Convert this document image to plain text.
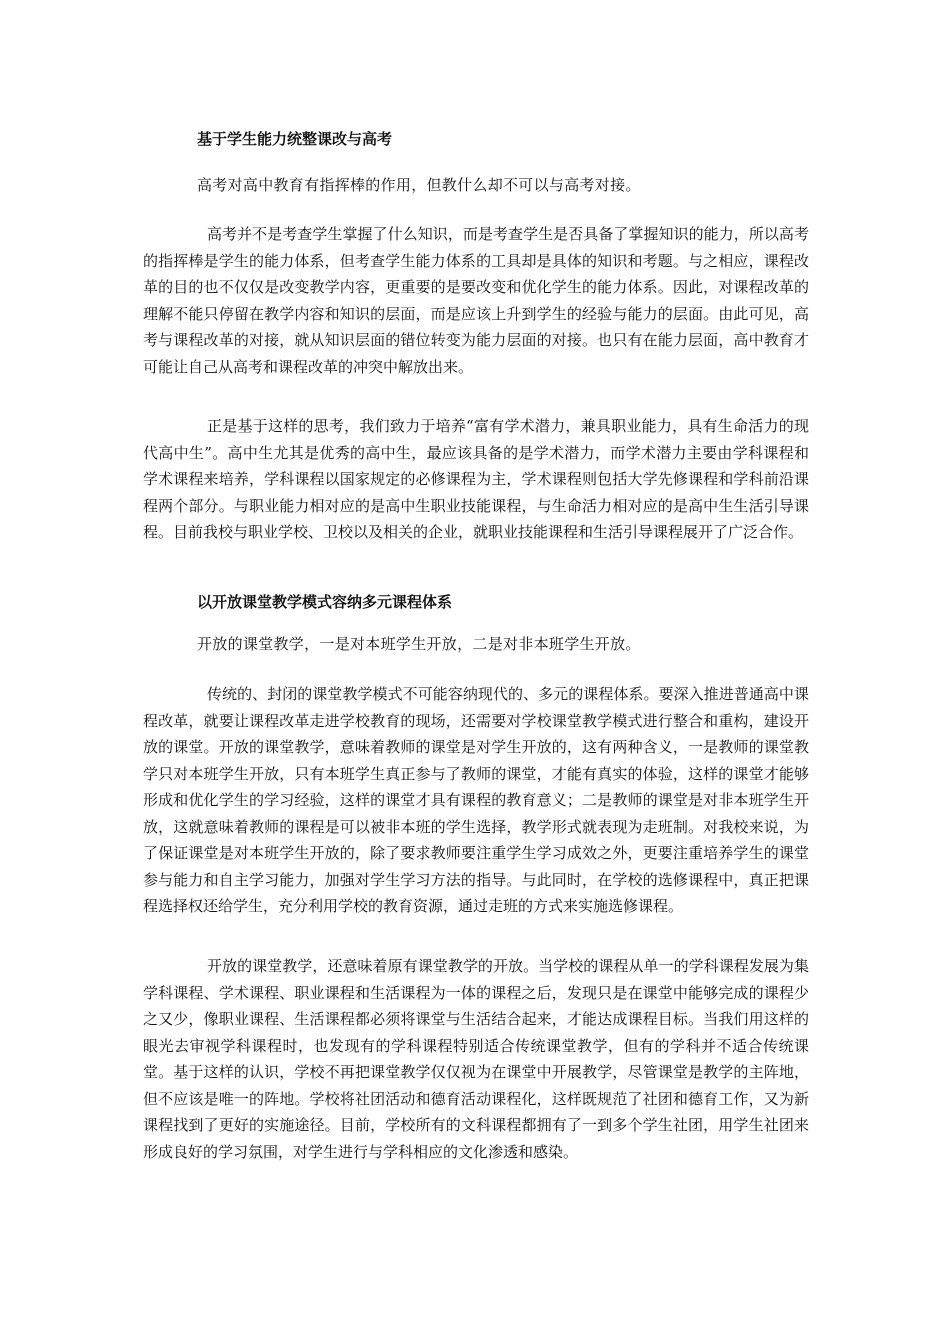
基于学生能力统整课改与高考
高考对高中教育有指挥棒的作用，但教什么却不可以与高考对接。

高考并不是考查学生掌握了什么知识，而是考查学生是否具备了掌握知识的能力，所以高考的指挥棒是学生的能力体系，但考查学生能力体系的工具却是具体的知识和考题。与之相应，课程改革的目的也不仅仅是改变教学内容，更重要的是要改变和优化学生的能力体系。因此，对课程改革的理解不能只停留在教学内容和知识的层面，而是应该上升到学生的经验与能力的层面。由此可见，高考与课程改革的对接，就从知识层面的错位转变为能力层面的对接。也只有在能力层面，高中教育才可能让自己从高考和课程改革的冲突中解放出来。

正是基于这样的思考，我们致力于培养“富有学术潜力，兼具职业能力，具有生命活力的现代高中生”。高中生尤其是优秀的高中生，最应该具备的是学术潜力，而学术潜力主要由学科课程和学术课程来培养，学科课程以国家规定的必修课程为主，学术课程则包括大学先修课程和学科前沿课程两个部分。与职业能力相对应的是高中生职业技能课程，与生命活力相对应的是高中生生活引导课程。目前我校与职业学校、卫校以及相关的企业，就职业技能课程和生活引导课程展开了广泛合作。

以开放课堂教学模式容纳多元课程体系
开放的课堂教学，一是对本班学生开放，二是对非本班学生开放。

传统的、封闭的课堂教学模式不可能容纳现代的、多元的课程体系。要深入推进普通高中课程改革，就要让课程改革走进学校教育的现场，还需要对学校课堂教学模式进行整合和重构，建设开放的课堂。开放的课堂教学，意味着教师的课堂是对学生开放的，这有两种含义，一是教师的课堂教学只对本班学生开放，只有本班学生真正参与了教师的课堂，才能有真实的体验，这样的课堂才能够形成和优化学生的学习经验，这样的课堂才具有课程的教育意义；二是教师的课堂是对非本班学生开放，这就意味着教师的课程是可以被非本班的学生选择，教学形式就表现为走班制。对我校来说，为了保证课堂是对本班学生开放的，除了要求教师要注重学生学习成效之外，更要注重培养学生的课堂参与能力和自主学习能力，加强对学生学习方法的指导。与此同时，在学校的选修课程中，真正把课程选择权还给学生，充分利用学校的教育资源，通过走班的方式来实施选修课程。

开放的课堂教学，还意味着原有课堂教学的开放。当学校的课程从单一的学科课程发展为集学科课程、学术课程、职业课程和生活课程为一体的课程之后，发现只是在课堂中能够完成的课程少之又少，像职业课程、生活课程都必须将课堂与生活结合起来，才能达成课程目标。当我们用这样的眼光去审视学科课程时，也发现有的学科课程特别适合传统课堂教学，但有的学科并不适合传统课堂。基于这样的认识，学校不再把课堂教学仅仅视为在课堂中开展教学，尽管课堂是教学的主阵地，但不应该是唯一的阵地。学校将社团活动和德育活动课程化，这样既规范了社团和德育工作，又为新课程找到了更好的实施途径。目前，学校所有的文科课程都拥有了一到多个学生社团，用学生社团来形成良好的学习氛围，对学生进行与学科相应的文化渗透和感染。
